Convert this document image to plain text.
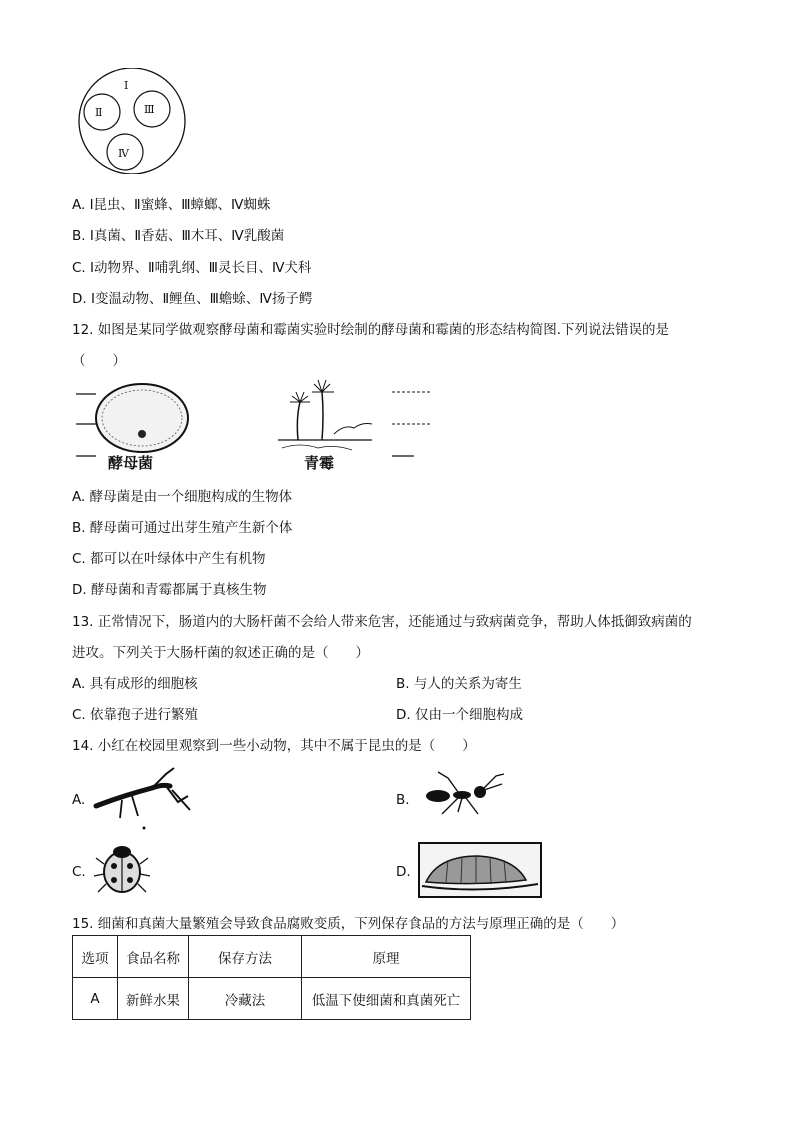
Ⅰ
Ⅱ	Ⅲ
Ⅳ
A. Ⅰ昆虫、Ⅱ蜜蜂、Ⅲ蟑螂、Ⅳ蜘蛛
B. Ⅰ真菌、Ⅱ香菇、Ⅲ木耳、Ⅳ乳酸菌
C. Ⅰ动物界、Ⅱ哺乳纲、Ⅲ灵长目、Ⅳ犬科
D. Ⅰ变温动物、Ⅱ鲤鱼、Ⅲ蟾蜍、Ⅳ扬子鳄
12. 如图是某同学做观察酵母菌和霉菌实验时绘制的酵母菌和霉菌的形态结构简图.下列说法错误的是
（　　）
酵母菌	青霉
A. 酵母菌是由一个细胞构成的生物体
B. 酵母菌可通过出芽生殖产生新个体
C. 都可以在叶绿体中产生有机物
D. 酵母菌和青霉都属于真核生物
13. 正常情况下，肠道内的大肠杆菌不会给人带来危害，还能通过与致病菌竞争，帮助人体抵御致病菌的
进攻。下列关于大肠杆菌的叙述正确的是（　　）
A. 具有成形的细胞核	B. 与人的关系为寄生
C. 依靠孢子进行繁殖	D. 仅由一个细胞构成
14. 小红在校园里观察到一些小动物，其中不属于昆虫的是（　　）
A.	B.
C.	D.
15. 细菌和真菌大量繁殖会导致食品腐败变质，下列保存食品的方法与原理正确的是（　　）
选项	食品名称	保存方法	原理
A	新鲜水果	冷藏法	低温下使细菌和真菌死亡
